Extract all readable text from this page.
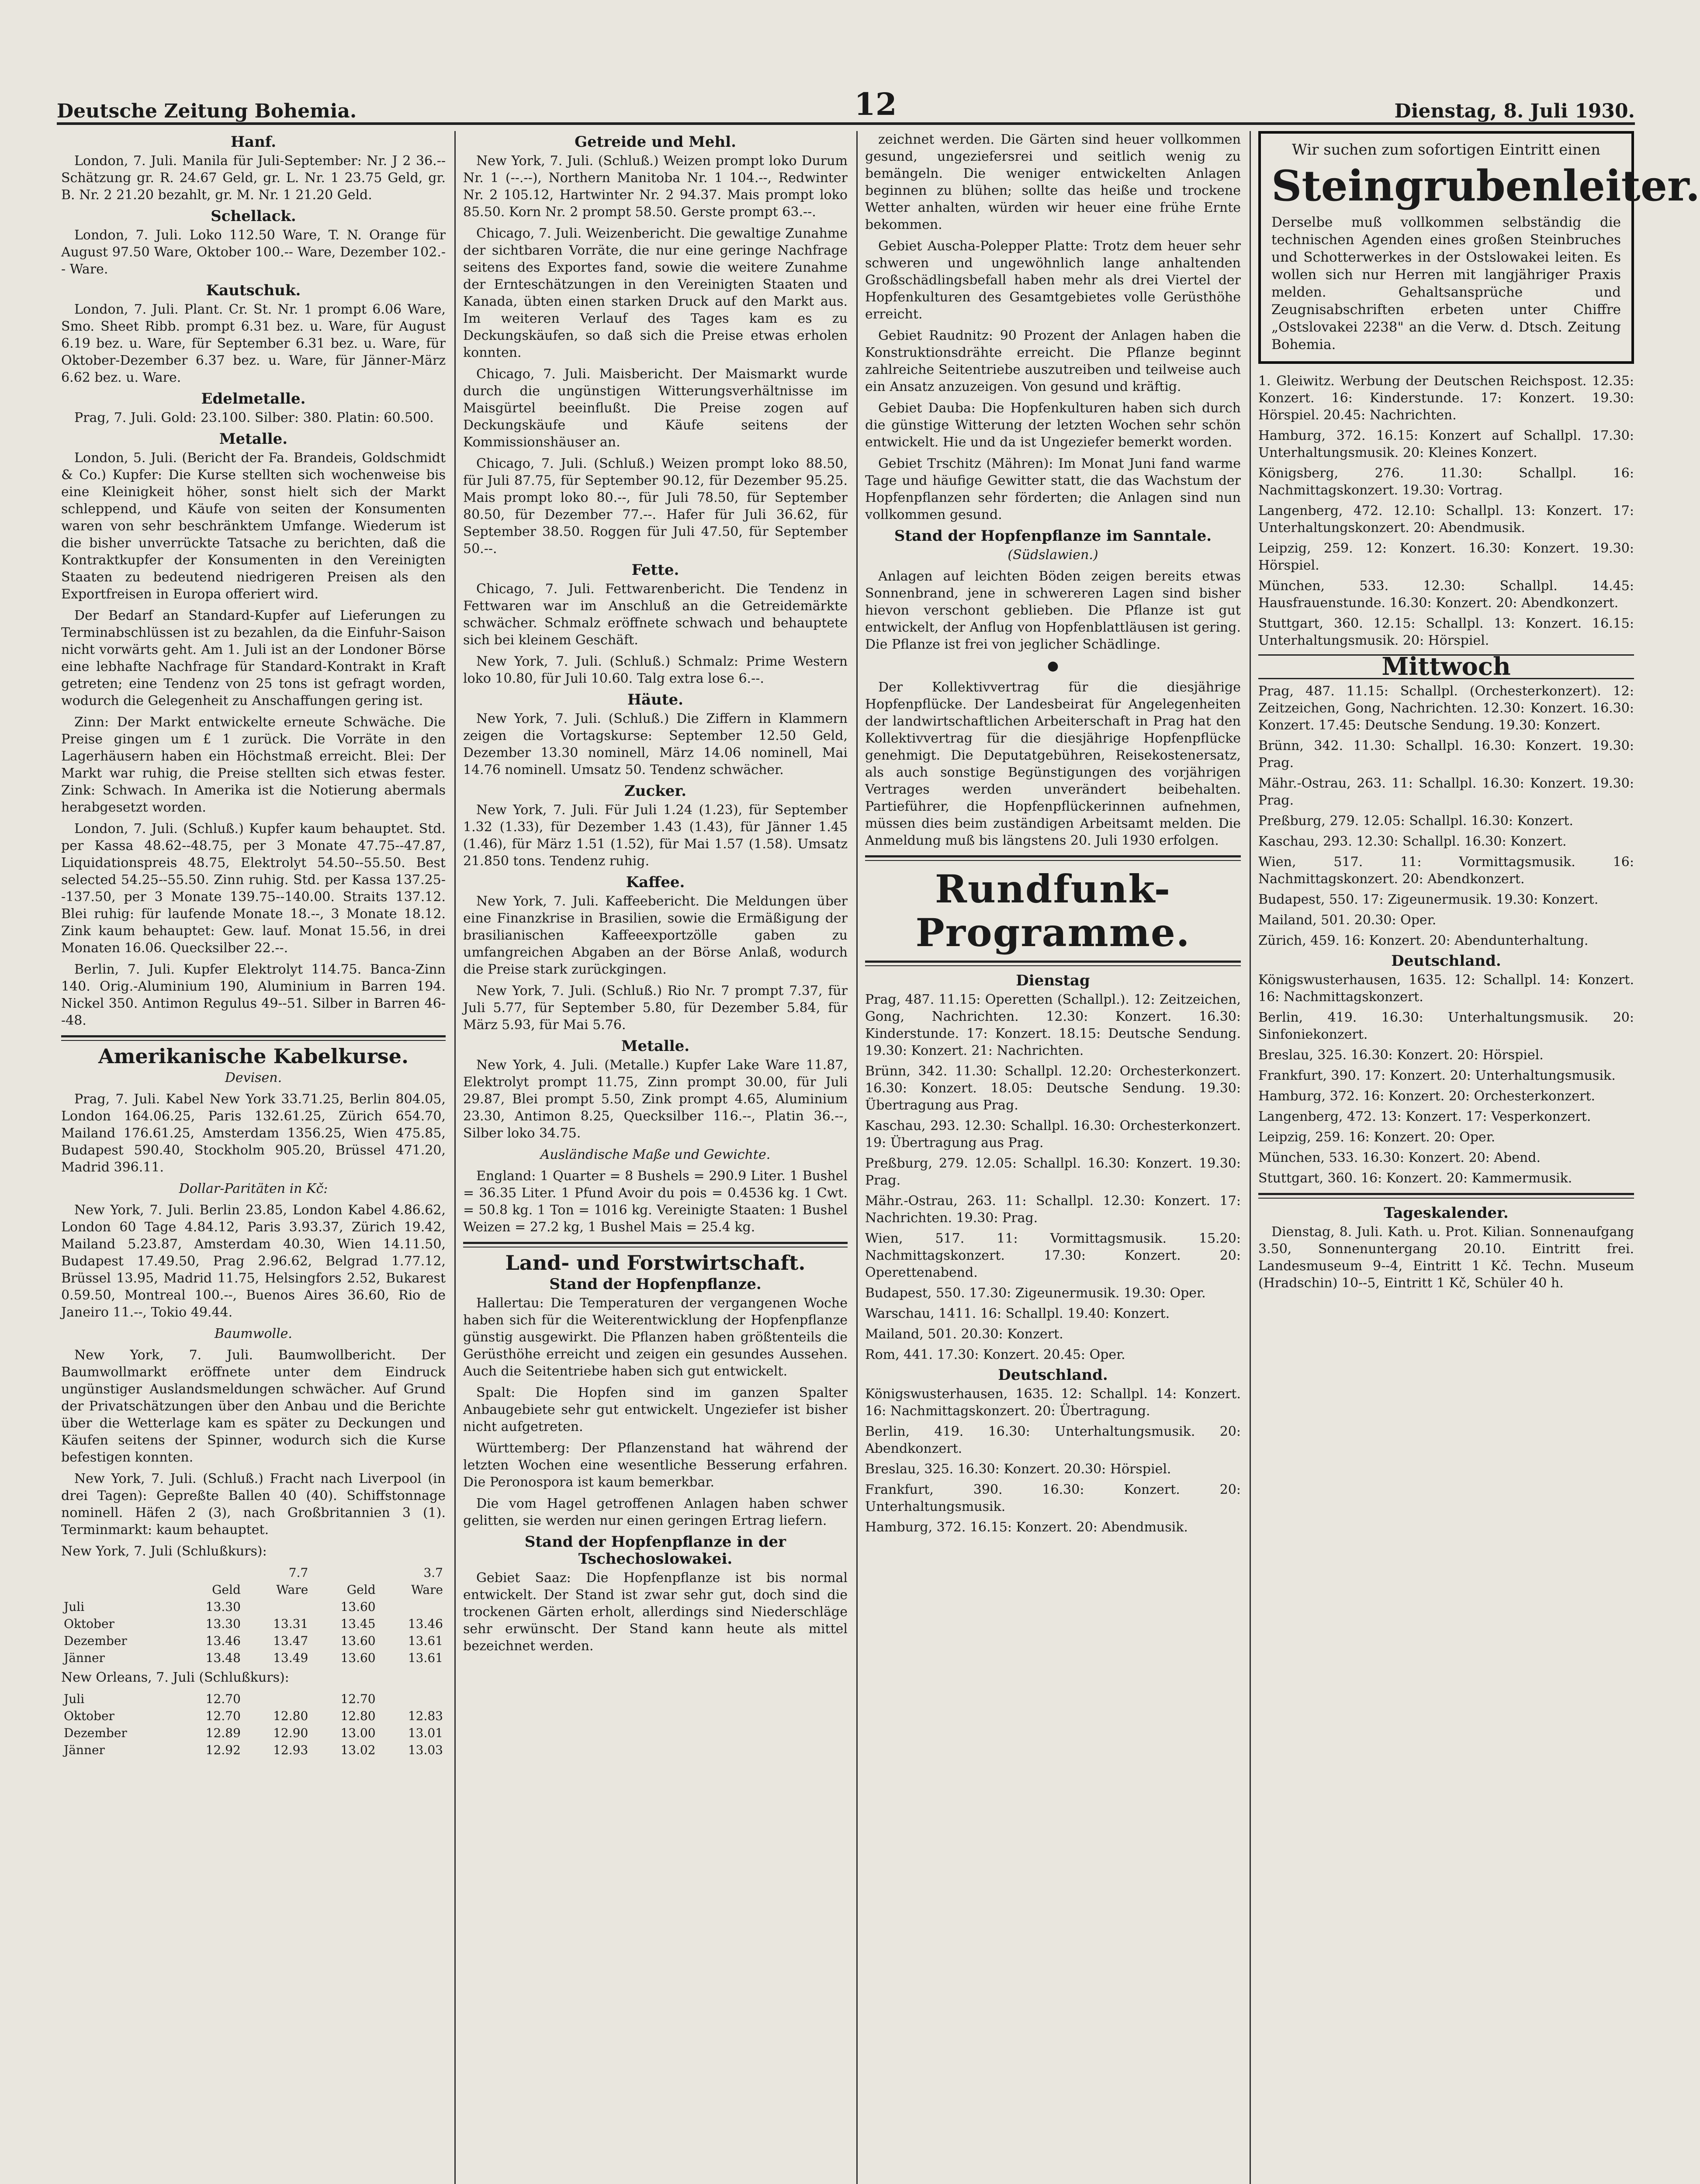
Deutsche Zeitung Bohemia.	12	Dienstag, 8. Juli 1930.
Hanf.

London, 7. Juli. Manila für Juli-September: Nr. J 2 36.-- Schätzung gr. R. 24.67 Geld, gr. L. Nr. 1 23.75 Geld, gr. B. Nr. 2 21.20 bezahlt, gr. M. Nr. 1 21.20 Geld.

Schellack.

London, 7. Juli. Loko 112.50 Ware, T. N. Orange für August 97.50 Ware, Oktober 100.-- Ware, Dezember 102.-- Ware.

Kautschuk.

London, 7. Juli. Plant. Cr. St. Nr. 1 prompt 6.06 Ware, Smo. Sheet Ribb. prompt 6.31 bez. u. Ware, für August 6.19 bez. u. Ware, für September 6.31 bez. u. Ware, für Oktober-Dezember 6.37 bez. u. Ware, für Jänner-März 6.62 bez. u. Ware.

Edelmetalle.

Prag, 7. Juli. Gold: 23.100. Silber: 380. Platin: 60.500.

Metalle.

London, 5. Juli. (Bericht der Fa. Brandeis, Goldschmidt & Co.) Kupfer: Die Kurse stellten sich wochenweise bis eine Kleinigkeit höher, sonst hielt sich der Markt schleppend, und Käufe von seiten der Konsumenten waren von sehr beschränktem Umfange. Wiederum ist die bisher unverrückte Tatsache zu berichten, daß die Kontraktkupfer der Konsumenten in den Vereinigten Staaten zu bedeutend niedrigeren Preisen als den Exportfreisen in Europa offeriert wird.

Der Bedarf an Standard-Kupfer auf Lieferungen zu Terminabschlüssen ist zu bezahlen, da die Einfuhr-Saison nicht vorwärts geht. Am 1. Juli ist an der Londoner Börse eine lebhafte Nachfrage für Standard-Kontrakt in Kraft getreten; eine Tendenz von 25 tons ist gefragt worden, wodurch die Gelegenheit zu Anschaffungen gering ist.

Zinn: Der Markt entwickelte erneute Schwäche. Die Preise gingen um £ 1 zurück. Die Vorräte in den Lagerhäusern haben ein Höchstmaß erreicht. Blei: Der Markt war ruhig, die Preise stellten sich etwas fester. Zink: Schwach. In Amerika ist die Notierung abermals herabgesetzt worden.

London, 7. Juli. (Schluß.) Kupfer kaum behauptet. Std. per Kassa 48.62--48.75, per 3 Monate 47.75--47.87, Liquidationspreis 48.75, Elektrolyt 54.50--55.50. Best selected 54.25--55.50. Zinn ruhig. Std. per Kassa 137.25--137.50, per 3 Monate 139.75--140.00. Straits 137.12. Blei ruhig: für laufende Monate 18.--, 3 Monate 18.12. Zink kaum behauptet: Gew. lauf. Monat 15.56, in drei Monaten 16.06. Quecksilber 22.--.

Berlin, 7. Juli. Kupfer Elektrolyt 114.75. Banca-Zinn 140. Orig.-Aluminium 190, Aluminium in Barren 194. Nickel 350. Antimon Regulus 49--51. Silber in Barren 46--48.

Amerikanische Kabelkurse.
Devisen.

Prag, 7. Juli. Kabel New York 33.71.25, Berlin 804.05, London 164.06.25, Paris 132.61.25, Zürich 654.70, Mailand 176.61.25, Amsterdam 1356.25, Wien 475.85, Budapest 590.40, Stockholm 905.20, Brüssel 471.20, Madrid 396.11.

Dollar-Paritäten in Kč:

New York, 7. Juli. Berlin 23.85, London Kabel 4.86.62, London 60 Tage 4.84.12, Paris 3.93.37, Zürich 19.42, Mailand 5.23.87, Amsterdam 40.30, Wien 14.11.50, Budapest 17.49.50, Prag 2.96.62, Belgrad 1.77.12, Brüssel 13.95, Madrid 11.75, Helsingfors 2.52, Bukarest 0.59.50, Montreal 100.--, Buenos Aires 36.60, Rio de Janeiro 11.--, Tokio 49.44.

Baumwolle.

New York, 7. Juli. Baumwollbericht. Der Baumwollmarkt eröffnete unter dem Eindruck ungünstiger Auslandsmeldungen schwächer. Auf Grund der Privatschätzungen über den Anbau und die Berichte über die Wetterlage kam es später zu Deckungen und Käufen seitens der Spinner, wodurch sich die Kurse befestigen konnten.

New York, 7. Juli. (Schluß.) Fracht nach Liverpool (in drei Tagen): Gepreßte Ballen 40 (40). Schiffstonnage nominell. Häfen 2 (3), nach Großbritannien 3 (1). Terminmarkt: kaum behauptet.

New York, 7. Juli (Schlußkurs):

	7.7		3.7	
	Geld	Ware	Geld	Ware
Juli	13.30		13.60	
Oktober	13.30	13.31	13.45	13.46
Dezember	13.46	13.47	13.60	13.61
Jänner	13.48	13.49	13.60	13.61

New Orleans, 7. Juli (Schlußkurs):

Juli	12.70		12.70	
Oktober	12.70	12.80	12.80	12.83
Dezember	12.89	12.90	13.00	13.01
Jänner	12.92	12.93	13.02	13.03
Getreide und Mehl.

New York, 7. Juli. (Schluß.) Weizen prompt loko Durum Nr. 1 (--.--), Northern Manitoba Nr. 1 104.--, Redwinter Nr. 2 105.12, Hartwinter Nr. 2 94.37. Mais prompt loko 85.50. Korn Nr. 2 prompt 58.50. Gerste prompt 63.--.

Chicago, 7. Juli. Weizenbericht. Die gewaltige Zunahme der sichtbaren Vorräte, die nur eine geringe Nachfrage seitens des Exportes fand, sowie die weitere Zunahme der Ernteschätzungen in den Vereinigten Staaten und Kanada, übten einen starken Druck auf den Markt aus. Im weiteren Verlauf des Tages kam es zu Deckungskäufen, so daß sich die Preise etwas erholen konnten.

Chicago, 7. Juli. Maisbericht. Der Maismarkt wurde durch die ungünstigen Witterungsverhältnisse im Maisgürtel beeinflußt. Die Preise zogen auf Deckungskäufe und Käufe seitens der Kommissionshäuser an.

Chicago, 7. Juli. (Schluß.) Weizen prompt loko 88.50, für Juli 87.75, für September 90.12, für Dezember 95.25. Mais prompt loko 80.--, für Juli 78.50, für September 80.50, für Dezember 77.--. Hafer für Juli 36.62, für September 38.50. Roggen für Juli 47.50, für September 50.--.

Fette.

Chicago, 7. Juli. Fettwarenbericht. Die Tendenz in Fettwaren war im Anschluß an die Getreidemärkte schwächer. Schmalz eröffnete schwach und behauptete sich bei kleinem Geschäft.

New York, 7. Juli. (Schluß.) Schmalz: Prime Western loko 10.80, für Juli 10.60. Talg extra lose 6.--.

Häute.

New York, 7. Juli. (Schluß.) Die Ziffern in Klammern zeigen die Vortagskurse: September 12.50 Geld, Dezember 13.30 nominell, März 14.06 nominell, Mai 14.76 nominell. Umsatz 50. Tendenz schwächer.

Zucker.

New York, 7. Juli. Für Juli 1.24 (1.23), für September 1.32 (1.33), für Dezember 1.43 (1.43), für Jänner 1.45 (1.46), für März 1.51 (1.52), für Mai 1.57 (1.58). Umsatz 21.850 tons. Tendenz ruhig.

Kaffee.

New York, 7. Juli. Kaffeebericht. Die Meldungen über eine Finanzkrise in Brasilien, sowie die Ermäßigung der brasilianischen Kaffeeexportzölle gaben zu umfangreichen Abgaben an der Börse Anlaß, wodurch die Preise stark zurückgingen.

New York, 7. Juli. (Schluß.) Rio Nr. 7 prompt 7.37, für Juli 5.77, für September 5.80, für Dezember 5.84, für März 5.93, für Mai 5.76.

Metalle.

New York, 4. Juli. (Metalle.) Kupfer Lake Ware 11.87, Elektrolyt prompt 11.75, Zinn prompt 30.00, für Juli 29.87, Blei prompt 5.50, Zink prompt 4.65, Aluminium 23.30, Antimon 8.25, Quecksilber 116.--, Platin 36.--, Silber loko 34.75.

Ausländische Maße und Gewichte.

England: 1 Quarter = 8 Bushels = 290.9 Liter. 1 Bushel = 36.35 Liter. 1 Pfund Avoir du pois = 0.4536 kg. 1 Cwt. = 50.8 kg. 1 Ton = 1016 kg. Vereinigte Staaten: 1 Bushel Weizen = 27.2 kg, 1 Bushel Mais = 25.4 kg.

Land- und Forstwirtschaft.
Stand der Hopfenpflanze.

Hallertau: Die Temperaturen der vergangenen Woche haben sich für die Weiterentwicklung der Hopfenpflanze günstig ausgewirkt. Die Pflanzen haben größtenteils die Gerüsthöhe erreicht und zeigen ein gesundes Aussehen. Auch die Seitentriebe haben sich gut entwickelt.

Spalt: Die Hopfen sind im ganzen Spalter Anbaugebiete sehr gut entwickelt. Ungeziefer ist bisher nicht aufgetreten.

Württemberg: Der Pflanzenstand hat während der letzten Wochen eine wesentliche Besserung erfahren. Die Peronospora ist kaum bemerkbar.

Die vom Hagel getroffenen Anlagen haben schwer gelitten, sie werden nur einen geringen Ertrag liefern.

Stand der Hopfenpflanze in der Tschechoslowakei.

Gebiet Saaz: Die Hopfenpflanze ist bis normal entwickelt. Der Stand ist zwar sehr gut, doch sind die trockenen Gärten erholt, allerdings sind Niederschläge sehr erwünscht. Der Stand kann heute als mittel bezeichnet werden.

zeichnet werden. Die Gärten sind heuer vollkommen gesund, ungeziefersrei und seitlich wenig zu bemängeln. Die weniger entwickelten Anlagen beginnen zu blühen; sollte das heiße und trockene Wetter anhalten, würden wir heuer eine frühe Ernte bekommen.

Gebiet Auscha-Polepper Platte: Trotz dem heuer sehr schweren und ungewöhnlich lange anhaltenden Großschädlingsbefall haben mehr als drei Viertel der Hopfenkulturen des Gesamtgebietes volle Gerüsthöhe erreicht.

Gebiet Raudnitz: 90 Prozent der Anlagen haben die Konstruktionsdrähte erreicht. Die Pflanze beginnt zahlreiche Seitentriebe auszutreiben und teilweise auch ein Ansatz anzuzeigen. Von gesund und kräftig.

Gebiet Dauba: Die Hopfenkulturen haben sich durch die günstige Witterung der letzten Wochen sehr schön entwickelt. Hie und da ist Ungeziefer bemerkt worden.

Gebiet Trschitz (Mähren): Im Monat Juni fand warme Tage und häufige Gewitter statt, die das Wachstum der Hopfenpflanzen sehr förderten; die Anlagen sind nun vollkommen gesund.

Stand der Hopfenpflanze im Sanntale.
(Südslawien.)

Anlagen auf leichten Böden zeigen bereits etwas Sonnenbrand, jene in schwereren Lagen sind bisher hievon verschont geblieben. Die Pflanze ist gut entwickelt, der Anflug von Hopfenblattläusen ist gering. Die Pflanze ist frei von jeglicher Schädlinge.

●

Der Kollektivvertrag für die diesjährige Hopfenpflücke. Der Landesbeirat für Angelegenheiten der landwirtschaftlichen Arbeiterschaft in Prag hat den Kollektivvertrag für die diesjährige Hopfenpflücke genehmigt. Die Deputatgebühren, Reisekostenersatz, als auch sonstige Begünstigungen des vorjährigen Vertrages werden unverändert beibehalten. Partieführer, die Hopfenpflückerinnen aufnehmen, müssen dies beim zuständigen Arbeitsamt melden. Die Anmeldung muß bis längstens 20. Juli 1930 erfolgen.

Rundfunk-Programme.
Dienstag

Prag, 487. 11.15: Operetten (Schallpl.). 12: Zeitzeichen, Gong, Nachrichten. 12.30: Konzert. 16.30: Kinderstunde. 17: Konzert. 18.15: Deutsche Sendung. 19.30: Konzert. 21: Nachrichten.

Brünn, 342. 11.30: Schallpl. 12.20: Orchesterkonzert. 16.30: Konzert. 18.05: Deutsche Sendung. 19.30: Übertragung aus Prag.

Kaschau, 293. 12.30: Schallpl. 16.30: Orchesterkonzert. 19: Übertragung aus Prag.

Preßburg, 279. 12.05: Schallpl. 16.30: Konzert. 19.30: Prag.

Mähr.-Ostrau, 263. 11: Schallpl. 12.30: Konzert. 17: Nachrichten. 19.30: Prag.

Wien, 517. 11: Vormittagsmusik. 15.20: Nachmittagskonzert. 17.30: Konzert. 20: Operettenabend.

Budapest, 550. 17.30: Zigeunermusik. 19.30: Oper.

Warschau, 1411. 16: Schallpl. 19.40: Konzert.

Mailand, 501. 20.30: Konzert.

Rom, 441. 17.30: Konzert. 20.45: Oper.

Deutschland.

Königswusterhausen, 1635. 12: Schallpl. 14: Konzert. 16: Nachmittagskonzert. 20: Übertragung.

Berlin, 419. 16.30: Unterhaltungsmusik. 20: Abendkonzert.

Breslau, 325. 16.30: Konzert. 20.30: Hörspiel.

Frankfurt, 390. 16.30: Konzert. 20: Unterhaltungsmusik.

Hamburg, 372. 16.15: Konzert. 20: Abendmusik.

Wir suchen zum sofortigen Eintritt einen
Steingrubenleiter.
Derselbe muß vollkommen selbständig die technischen Agenden eines großen Steinbruches und Schotterwerkes in der Ostslowakei leiten. Es wollen sich nur Herren mit langjähriger Praxis melden. Gehaltsansprüche und Zeugnisabschriften erbeten unter Chiffre „Ostslovakei 2238" an die Verw. d. Dtsch. Zeitung Bohemia.

1. Gleiwitz. Werbung der Deutschen Reichspost. 12.35: Konzert. 16: Kinderstunde. 17: Konzert. 19.30: Hörspiel. 20.45: Nachrichten.

Hamburg, 372. 16.15: Konzert auf Schallpl. 17.30: Unterhaltungsmusik. 20: Kleines Konzert.

Königsberg, 276. 11.30: Schallpl. 16: Nachmittagskonzert. 19.30: Vortrag.

Langenberg, 472. 12.10: Schallpl. 13: Konzert. 17: Unterhaltungskonzert. 20: Abendmusik.

Leipzig, 259. 12: Konzert. 16.30: Konzert. 19.30: Hörspiel.

München, 533. 12.30: Schallpl. 14.45: Hausfrauenstunde. 16.30: Konzert. 20: Abendkonzert.

Stuttgart, 360. 12.15: Schallpl. 13: Konzert. 16.15: Unterhaltungsmusik. 20: Hörspiel.

Mittwoch

Prag, 487. 11.15: Schallpl. (Orchesterkonzert). 12: Zeitzeichen, Gong, Nachrichten. 12.30: Konzert. 16.30: Konzert. 17.45: Deutsche Sendung. 19.30: Konzert.

Brünn, 342. 11.30: Schallpl. 16.30: Konzert. 19.30: Prag.

Mähr.-Ostrau, 263. 11: Schallpl. 16.30: Konzert. 19.30: Prag.

Preßburg, 279. 12.05: Schallpl. 16.30: Konzert.

Kaschau, 293. 12.30: Schallpl. 16.30: Konzert.

Wien, 517. 11: Vormittagsmusik. 16: Nachmittagskonzert. 20: Abendkonzert.

Budapest, 550. 17: Zigeunermusik. 19.30: Konzert.

Mailand, 501. 20.30: Oper.

Zürich, 459. 16: Konzert. 20: Abendunterhaltung.

Deutschland.

Königswusterhausen, 1635. 12: Schallpl. 14: Konzert. 16: Nachmittagskonzert.

Berlin, 419. 16.30: Unterhaltungsmusik. 20: Sinfoniekonzert.

Breslau, 325. 16.30: Konzert. 20: Hörspiel.

Frankfurt, 390. 17: Konzert. 20: Unterhaltungsmusik.

Hamburg, 372. 16: Konzert. 20: Orchesterkonzert.

Langenberg, 472. 13: Konzert. 17: Vesperkonzert.

Leipzig, 259. 16: Konzert. 20: Oper.

München, 533. 16.30: Konzert. 20: Abend.

Stuttgart, 360. 16: Konzert. 20: Kammermusik.

Tageskalender.

Dienstag, 8. Juli. Kath. u. Prot. Kilian. Sonnenaufgang 3.50, Sonnenuntergang 20.10. Eintritt frei. Landesmuseum 9--4, Eintritt 1 Kč. Techn. Museum (Hradschin) 10--5, Eintritt 1 Kč, Schüler 40 h.
